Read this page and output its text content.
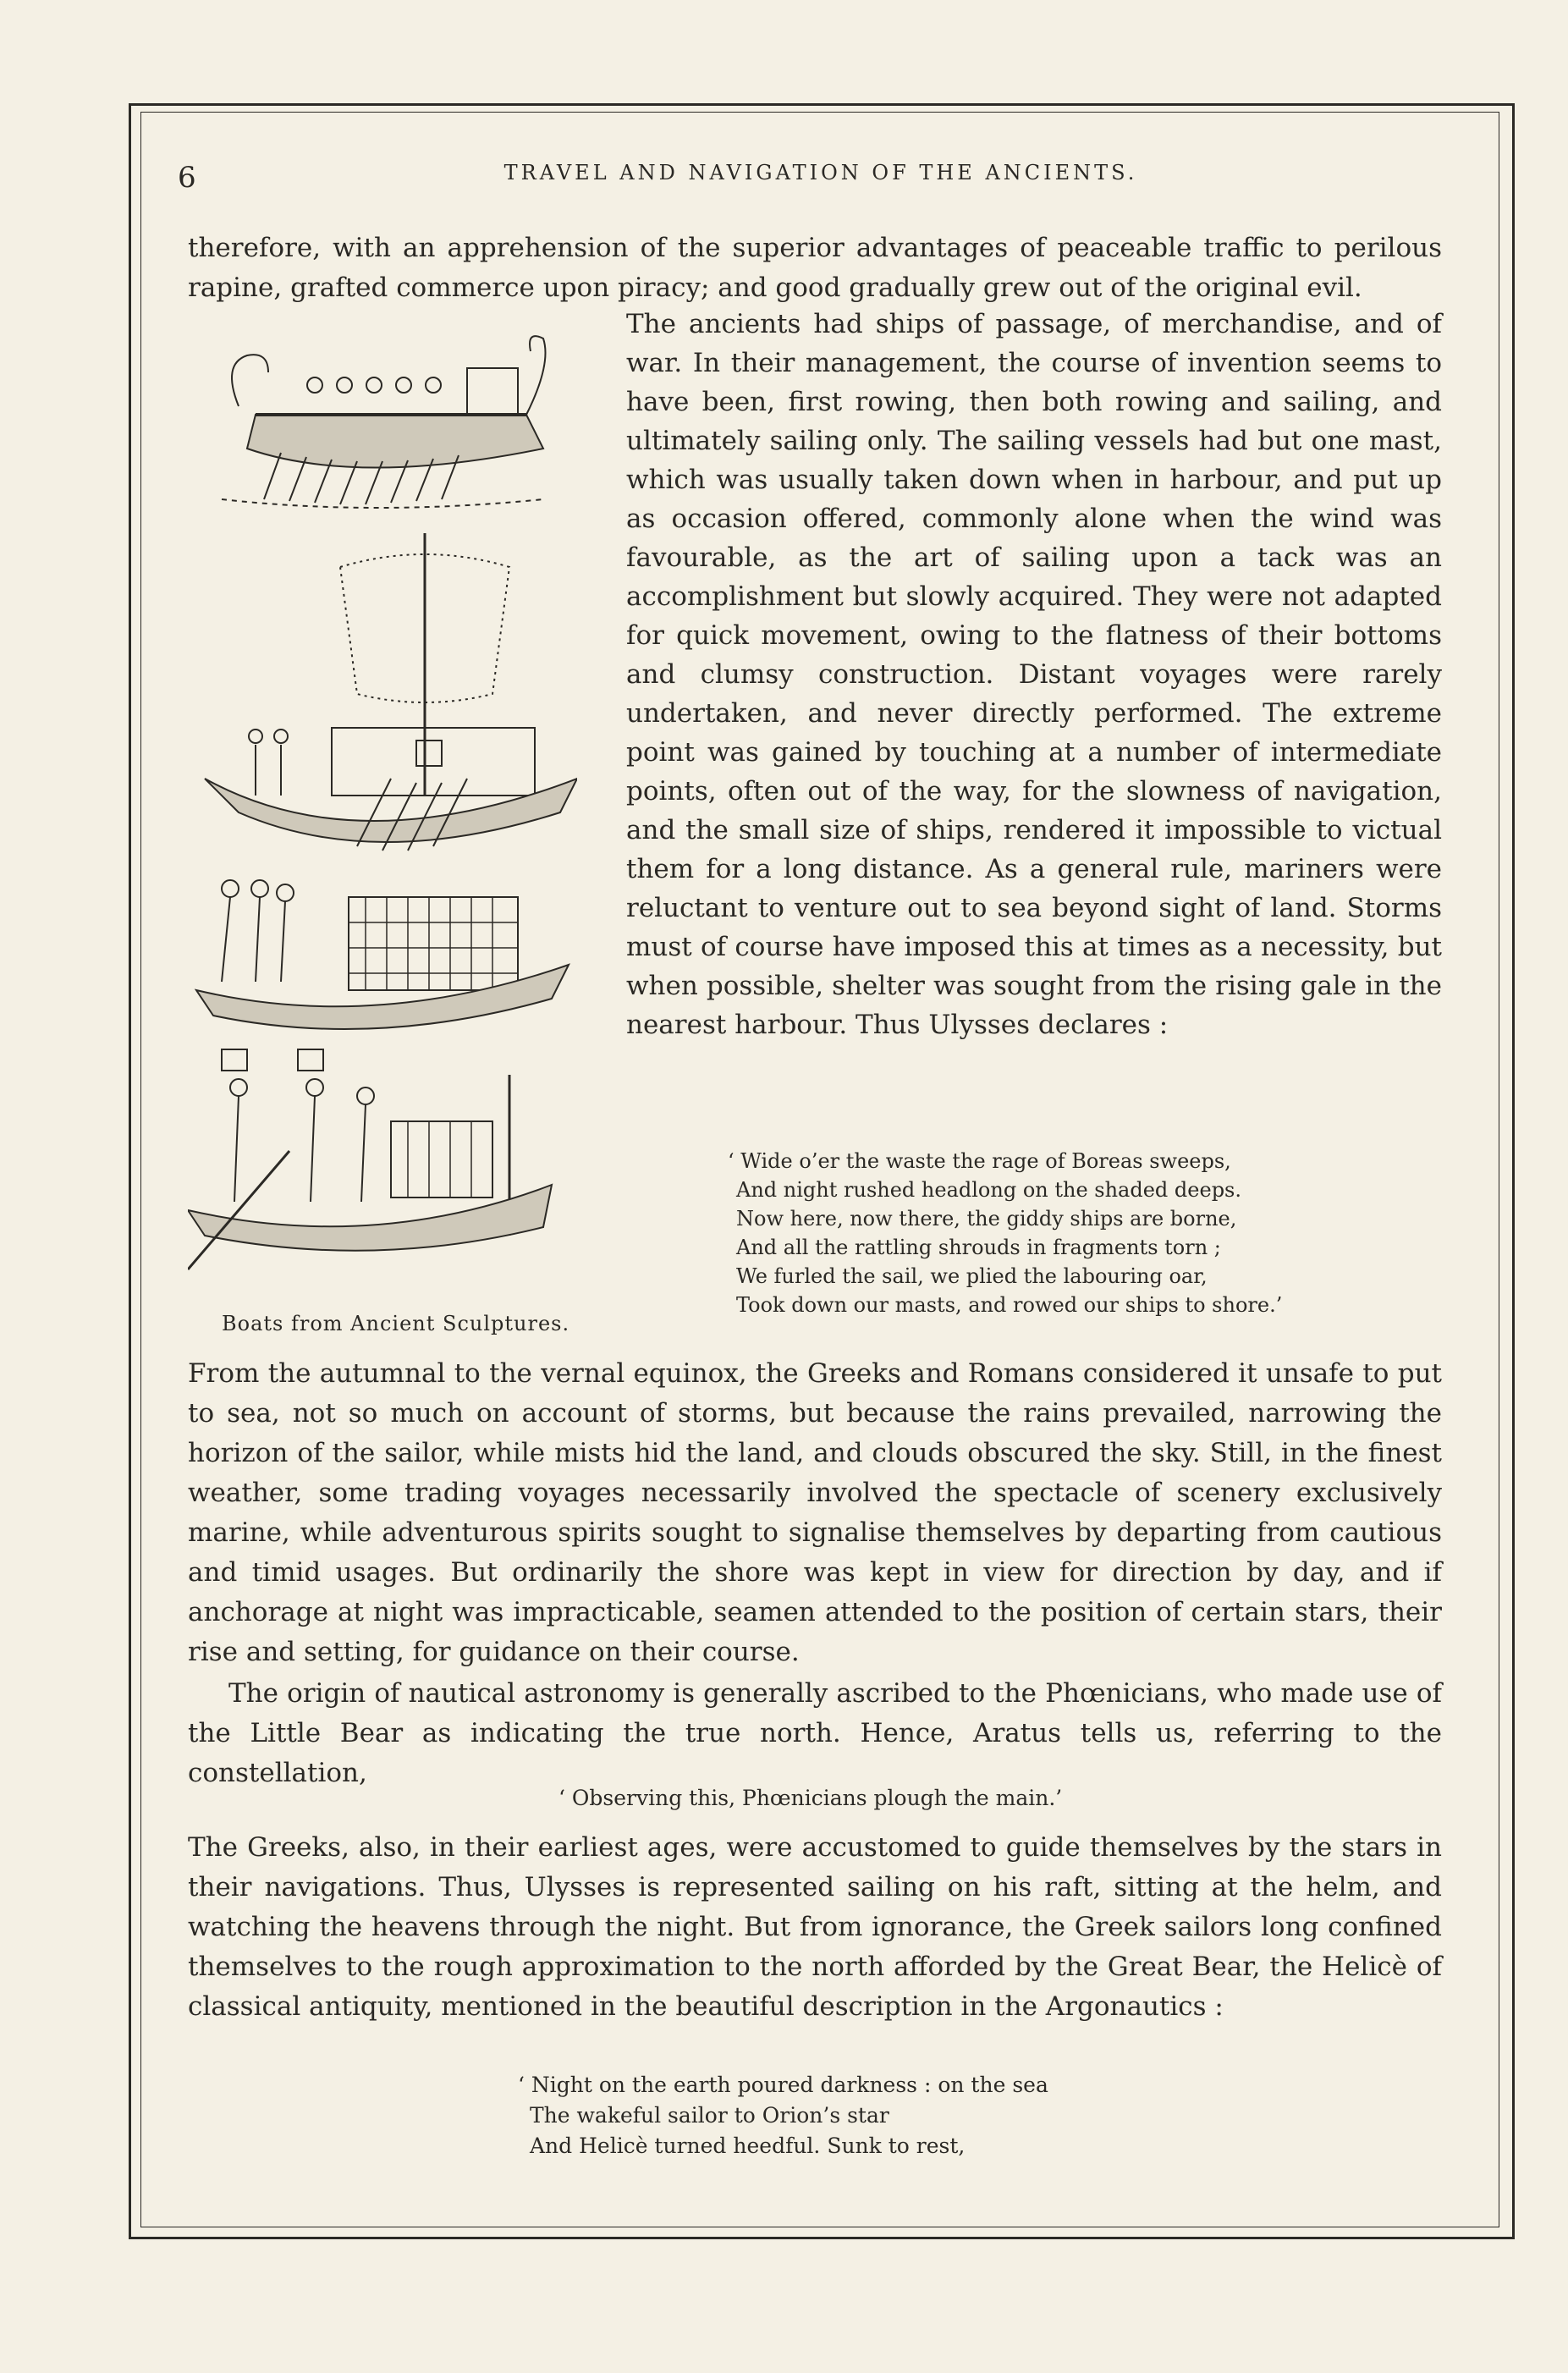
6	TRAVEL AND NAVIGATION OF THE ANCIENTS.

therefore, with an apprehension of the superior advantages of peaceable traffic to perilous rapine, grafted commerce upon piracy; and good gradually grew out of the original evil.

The ancients had ships of passage, of merchandise, and of war. In their management, the course of invention seems to have been, first rowing, then both rowing and sailing, and ultimately sailing only. The sailing vessels had but one mast, which was usually taken down when in harbour, and put up as occasion offered, commonly alone when the wind was favourable, as the art of sailing upon a tack was an accomplishment but slowly acquired. They were not adapted for quick movement, owing to the flatness of their bottoms and clumsy construction. Distant voyages were rarely undertaken, and never directly performed. The extreme point was gained by touching at a number of intermediate points, often out of the way, for the slowness of navigation, and the small size of ships, rendered it impossible to victual them for a long distance. As a general rule, mariners were reluctant to venture out to sea beyond sight of land. Storms must of course have imposed this at times as a necessity, but when possible, shelter was sought from the rising gale in the nearest harbour. Thus Ulysses declares :

‘ Wide o’er the waste the rage of Boreas sweeps,

And night rushed headlong on the shaded deeps.

Now here, now there, the giddy ships are borne,

And all the rattling shrouds in fragments torn ;

We furled the sail, we plied the labouring oar,

Took down our masts, and rowed our ships to shore.’

Boats from Ancient Sculptures.

From the autumnal to the vernal equinox, the Greeks and Romans considered it unsafe to put to sea, not so much on account of storms, but because the rains prevailed, narrowing the horizon of the sailor, while mists hid the land, and clouds obscured the sky. Still, in the finest weather, some trading voyages necessarily involved the spectacle of scenery exclusively marine, while adventurous spirits sought to signalise themselves by departing from cautious and timid usages. But ordinarily the shore was kept in view for direction by day, and if anchorage at night was impracticable, seamen attended to the position of certain stars, their rise and setting, for guidance on their course.

The origin of nautical astronomy is generally ascribed to the Phœnicians, who made use of the Little Bear as indicating the true north. Hence, Aratus tells us, referring to the constellation,

‘ Observing this, Phœnicians plough the main.’

The Greeks, also, in their earliest ages, were accustomed to guide themselves by the stars in their navigations. Thus, Ulysses is represented sailing on his raft, sitting at the helm, and watching the heavens through the night. But from ignorance, the Greek sailors long confined themselves to the rough approximation to the north afforded by the Great Bear, the Helicè of classical antiquity, mentioned in the beautiful description in the Argonautics :

‘ Night on the earth poured darkness : on the sea

The wakeful sailor to Orion’s star

And Helicè turned heedful. Sunk to rest,
